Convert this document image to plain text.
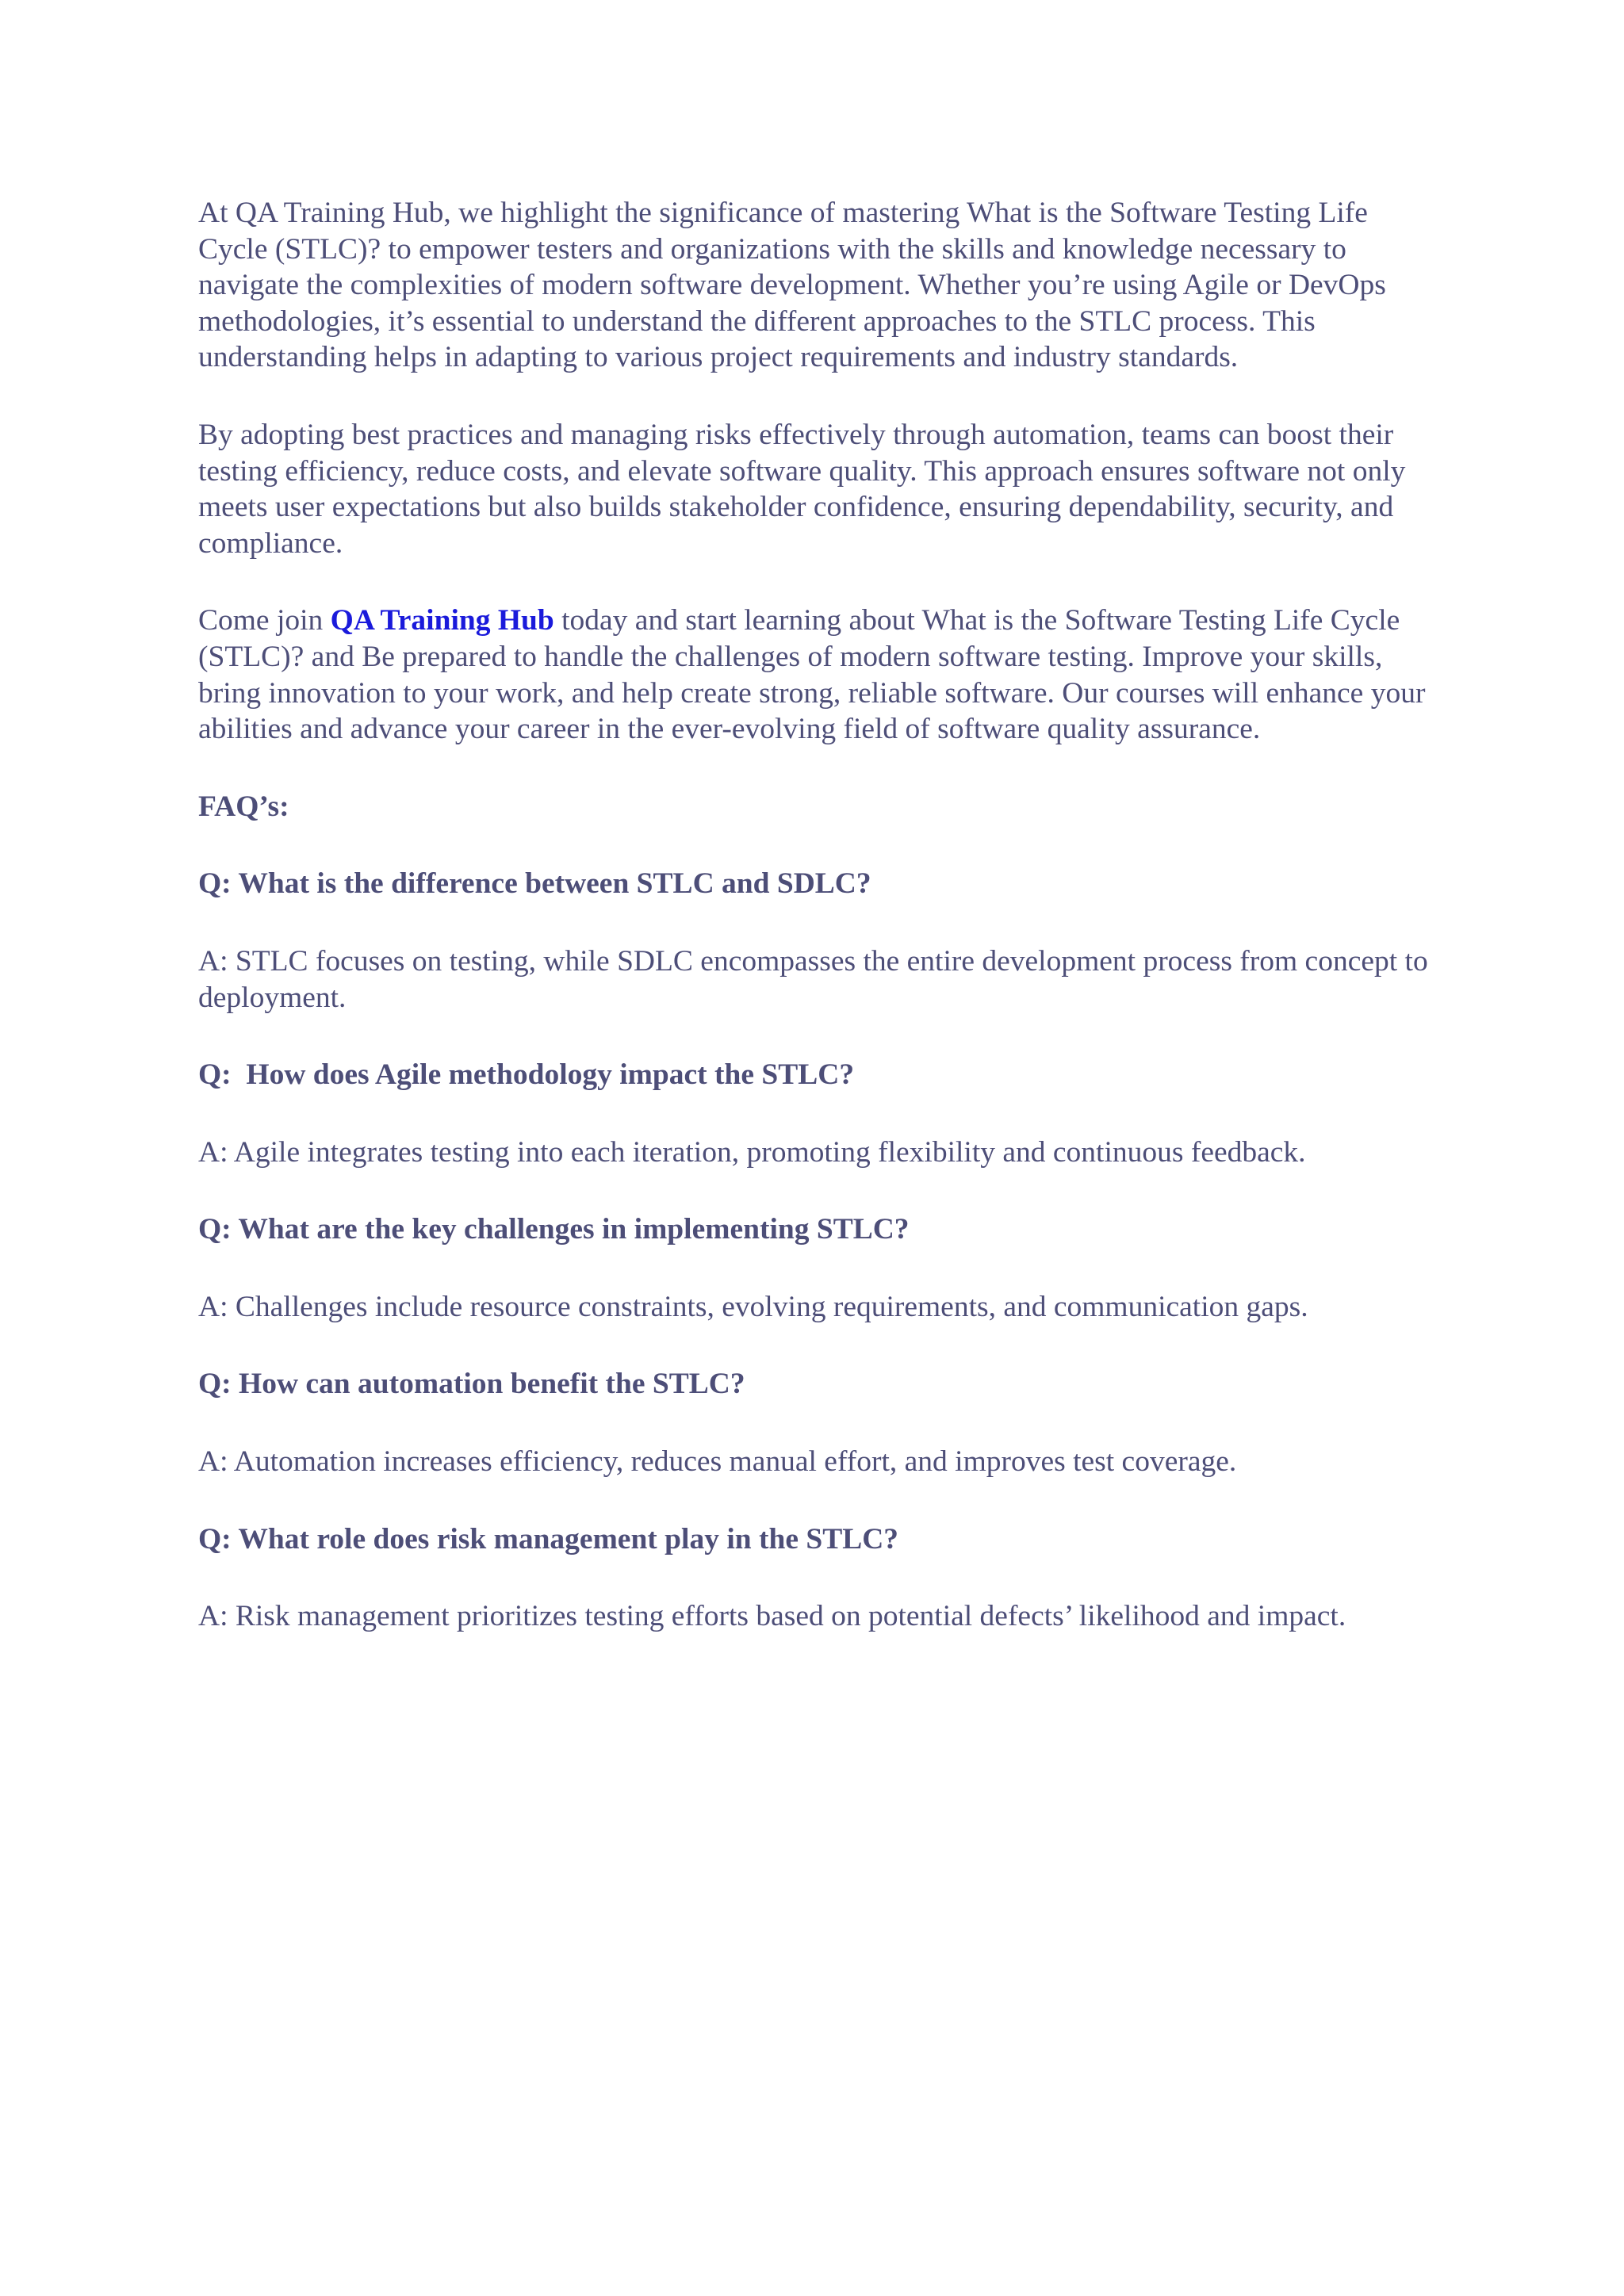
At QA Training Hub, we highlight the significance of mastering What is the Software Testing Life Cycle (STLC)? to empower testers and organizations with the skills and knowledge necessary to navigate the complexities of modern software development. Whether you’re using Agile or DevOps methodologies, it’s essential to understand the different approaches to the STLC process. This understanding helps in adapting to various project requirements and industry standards.

By adopting best practices and managing risks effectively through automation, teams can boost their testing efficiency, reduce costs, and elevate software quality. This approach ensures software not only meets user expectations but also builds stakeholder confidence, ensuring dependability, security, and compliance.

Come join QA Training Hub today and start learning about What is the Software Testing Life Cycle (STLC)? and Be prepared to handle the challenges of modern software testing. Improve your skills, bring innovation to your work, and help create strong, reliable software. Our courses will enhance your abilities and advance your career in the ever-evolving field of software quality assurance.

FAQ’s:

Q: What is the difference between STLC and SDLC?

A: STLC focuses on testing, while SDLC encompasses the entire development process from concept to deployment.

Q:  How does Agile methodology impact the STLC?

A: Agile integrates testing into each iteration, promoting flexibility and continuous feedback.

Q: What are the key challenges in implementing STLC?

A: Challenges include resource constraints, evolving requirements, and communication gaps.

Q: How can automation benefit the STLC?

A: Automation increases efficiency, reduces manual effort, and improves test coverage.

Q: What role does risk management play in the STLC?

A: Risk management prioritizes testing efforts based on potential defects’ likelihood and impact.
